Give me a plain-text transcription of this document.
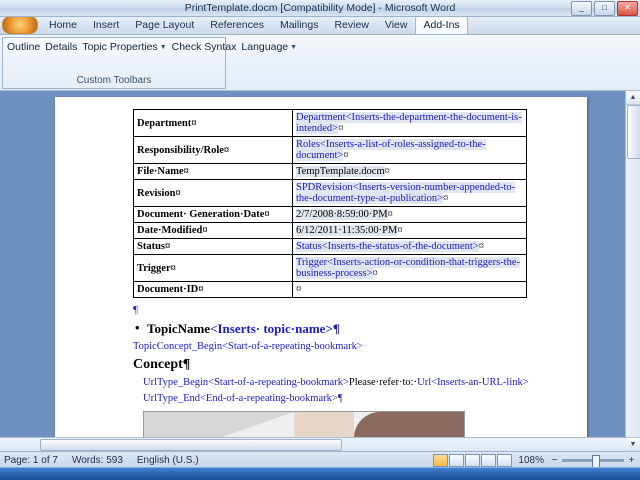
PrintTemplate.docm [Compatibility Mode] - Microsoft Word	_	□	✕
Home	Insert	Page Layout	References	Mailings	Review	View	Add-Ins
Outline Details Topic Properties ▼ Check Syntax Language ▼
Custom Toolbars
Department¤	Department<Inserts-the-department-the-document-is-intended>¤
Responsibility/Role¤	Roles<Inserts-a-list-of-roles-assigned-to-the-document>¤
File·Name¤	TempTemplate.docm¤
Revision¤	SPDRevision<Inserts-version-number-appended-to-the-document-type-at-publication>¤
Document· Generation·Date¤	2/7/2008·8:59:00·PM¤
Date·Modified¤	6/12/2011·11:35:00·PM¤
Status¤	Status<Inserts-the-status-of-the-document>¤
Trigger¤	Trigger<Inserts-action-or-condition-that-triggers-the-business-process>¤
Document·ID¤	¤
¶
• TopicName<Inserts· topic·name>¶
TopicConcept_Begin<Start-of-a-repeating-bookmark>
Concept¶
UrlType_Begin<Start-of-a-repeating-bookmark>Please·refer·to:·Url<Inserts-an-URL-link>
UrlType_End<End-of-a-repeating-bookmark>¶
▲
▼
Page: 1 of 7 Words: 593 English (U.S.)	108% −	+
